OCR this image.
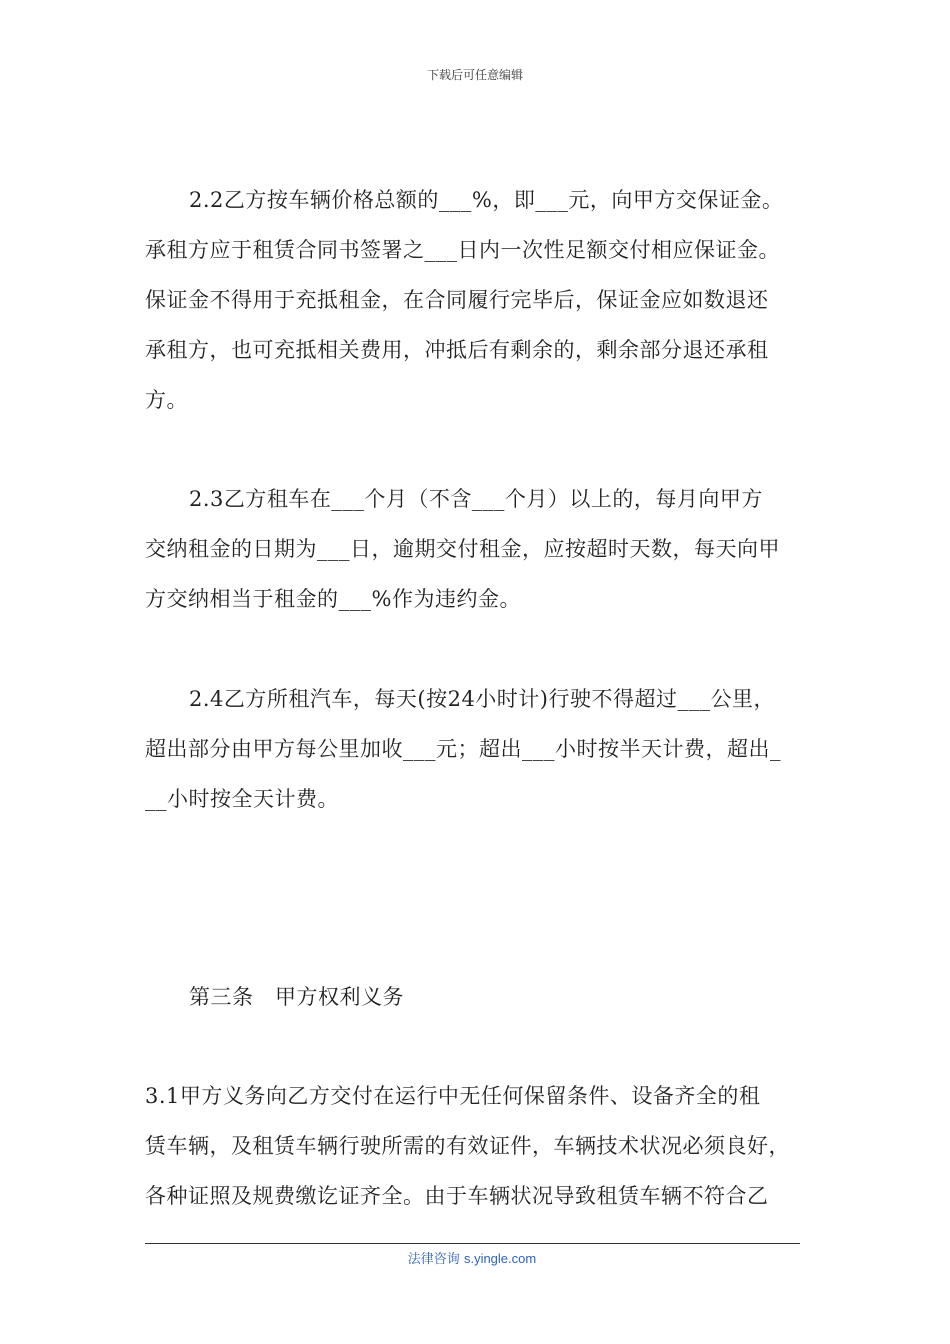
下载后可任意编辑
2.2乙方按车辆价格总额的___%，即___元，向甲方交保证金。
承租方应于租赁合同书签署之___日内一次性足额交付相应保证金。
保证金不得用于充抵租金，在合同履行完毕后，保证金应如数退还
承租方，也可充抵相关费用，冲抵后有剩余的，剩余部分退还承租
方。
2.3乙方租车在___个月（不含___个月）以上的，每月向甲方
交纳租金的日期为___日，逾期交付租金，应按超时天数，每天向甲
方交纳相当于租金的___%作为违约金。
2.4乙方所租汽车，每天(按24小时计)行驶不得超过___公里，
超出部分由甲方每公里加收___元；超出___小时按半天计费，超出_
__小时按全天计费。
第三条　甲方权利义务
3.1甲方义务向乙方交付在运行中无任何保留条件、设备齐全的租
赁车辆，及租赁车辆行驶所需的有效证件，车辆技术状况必须良好，
各种证照及规费缴讫证齐全。由于车辆状况导致租赁车辆不符合乙
法律咨询 s.yingle.com
